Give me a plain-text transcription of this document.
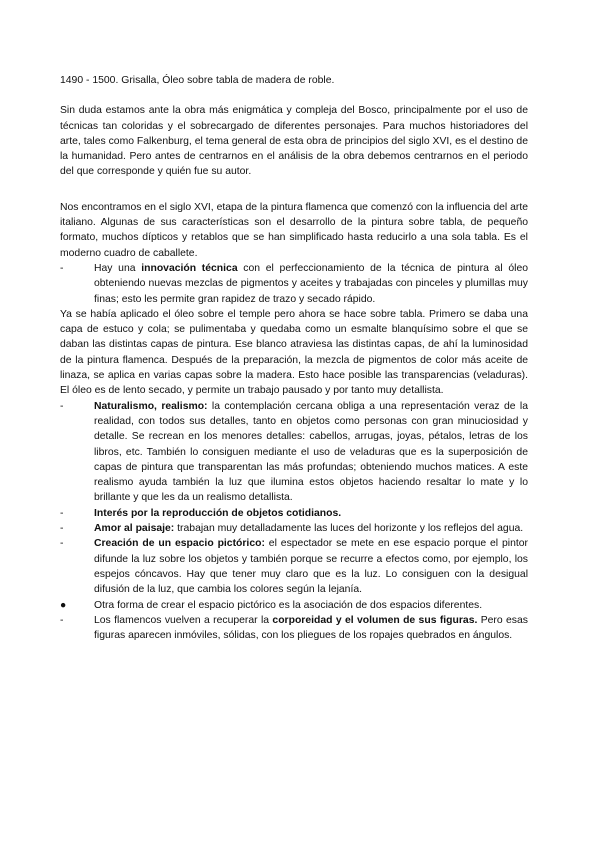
1490 - 1500. Grisalla, Óleo sobre tabla de madera de roble.

Sin duda estamos ante la obra más enigmática y compleja del Bosco, principalmente por el uso de técnicas tan coloridas y el sobrecargado de diferentes personajes. Para muchos historiadores del arte, tales como Falkenburg, el tema general de esta obra de principios del siglo XVI, es el destino de la humanidad. Pero antes de centrarnos en el análisis de la obra debemos centrarnos en el periodo del que corresponde y quién fue su autor.

Nos encontramos en el siglo XVI, etapa de la pintura flamenca que comenzó con la influencia del arte italiano. Algunas de sus características son el desarrollo de la pintura sobre tabla, de pequeño formato, muchos dípticos y retablos que se han simplificado hasta reducirlo a una sola tabla. Es el moderno cuadro de caballete.

-	Hay una innovación técnica con el perfeccionamiento de la técnica de pintura al óleo obteniendo nuevas mezclas de pigmentos y aceites y trabajadas con pinceles y plumillas muy finas; esto les permite gran rapidez de trazo y secado rápido.

Ya se había aplicado el óleo sobre el temple pero ahora se hace sobre tabla. Primero se daba una capa de estuco y cola; se pulimentaba y quedaba como un esmalte blanquísimo sobre el que se daban las distintas capas de pintura. Ese blanco atraviesa las distintas capas, de ahí la luminosidad de la pintura flamenca. Después de la preparación, la mezcla de pigmentos de color más aceite de linaza, se aplica en varias capas sobre la madera. Esto hace posible las transparencias (veladuras). El óleo es de lento secado, y permite un trabajo pausado y por tanto muy detallista.

-	Naturalismo, realismo: la contemplación cercana obliga a una representación veraz de la realidad, con todos sus detalles, tanto en objetos como personas con gran minuciosidad y detalle. Se recrean en los menores detalles: cabellos, arrugas, joyas, pétalos, letras de los libros, etc. También lo consiguen mediante el uso de veladuras que es la superposición de capas de pintura que transparentan las más profundas; obteniendo muchos matices. A este realismo ayuda también la luz que ilumina estos objetos haciendo resaltar lo mate y lo brillante y que les da un realismo detallista.
-	Interés por la reproducción de objetos cotidianos.
-	Amor al paisaje: trabajan muy detalladamente las luces del horizonte y los reflejos del agua.
-	Creación de un espacio pictórico: el espectador se mete en ese espacio porque el pintor difunde la luz sobre los objetos y también porque se recurre a efectos como, por ejemplo, los espejos cóncavos. Hay que tener muy claro que es la luz. Lo consiguen con la desigual difusión de la luz, que cambia los colores según la lejanía.
●	Otra forma de crear el espacio pictórico es la asociación de dos espacios diferentes.
-	Los flamencos vuelven a recuperar la corporeidad y el volumen de sus figuras. Pero esas figuras aparecen inmóviles, sólidas, con los pliegues de los ropajes quebrados en ángulos.
